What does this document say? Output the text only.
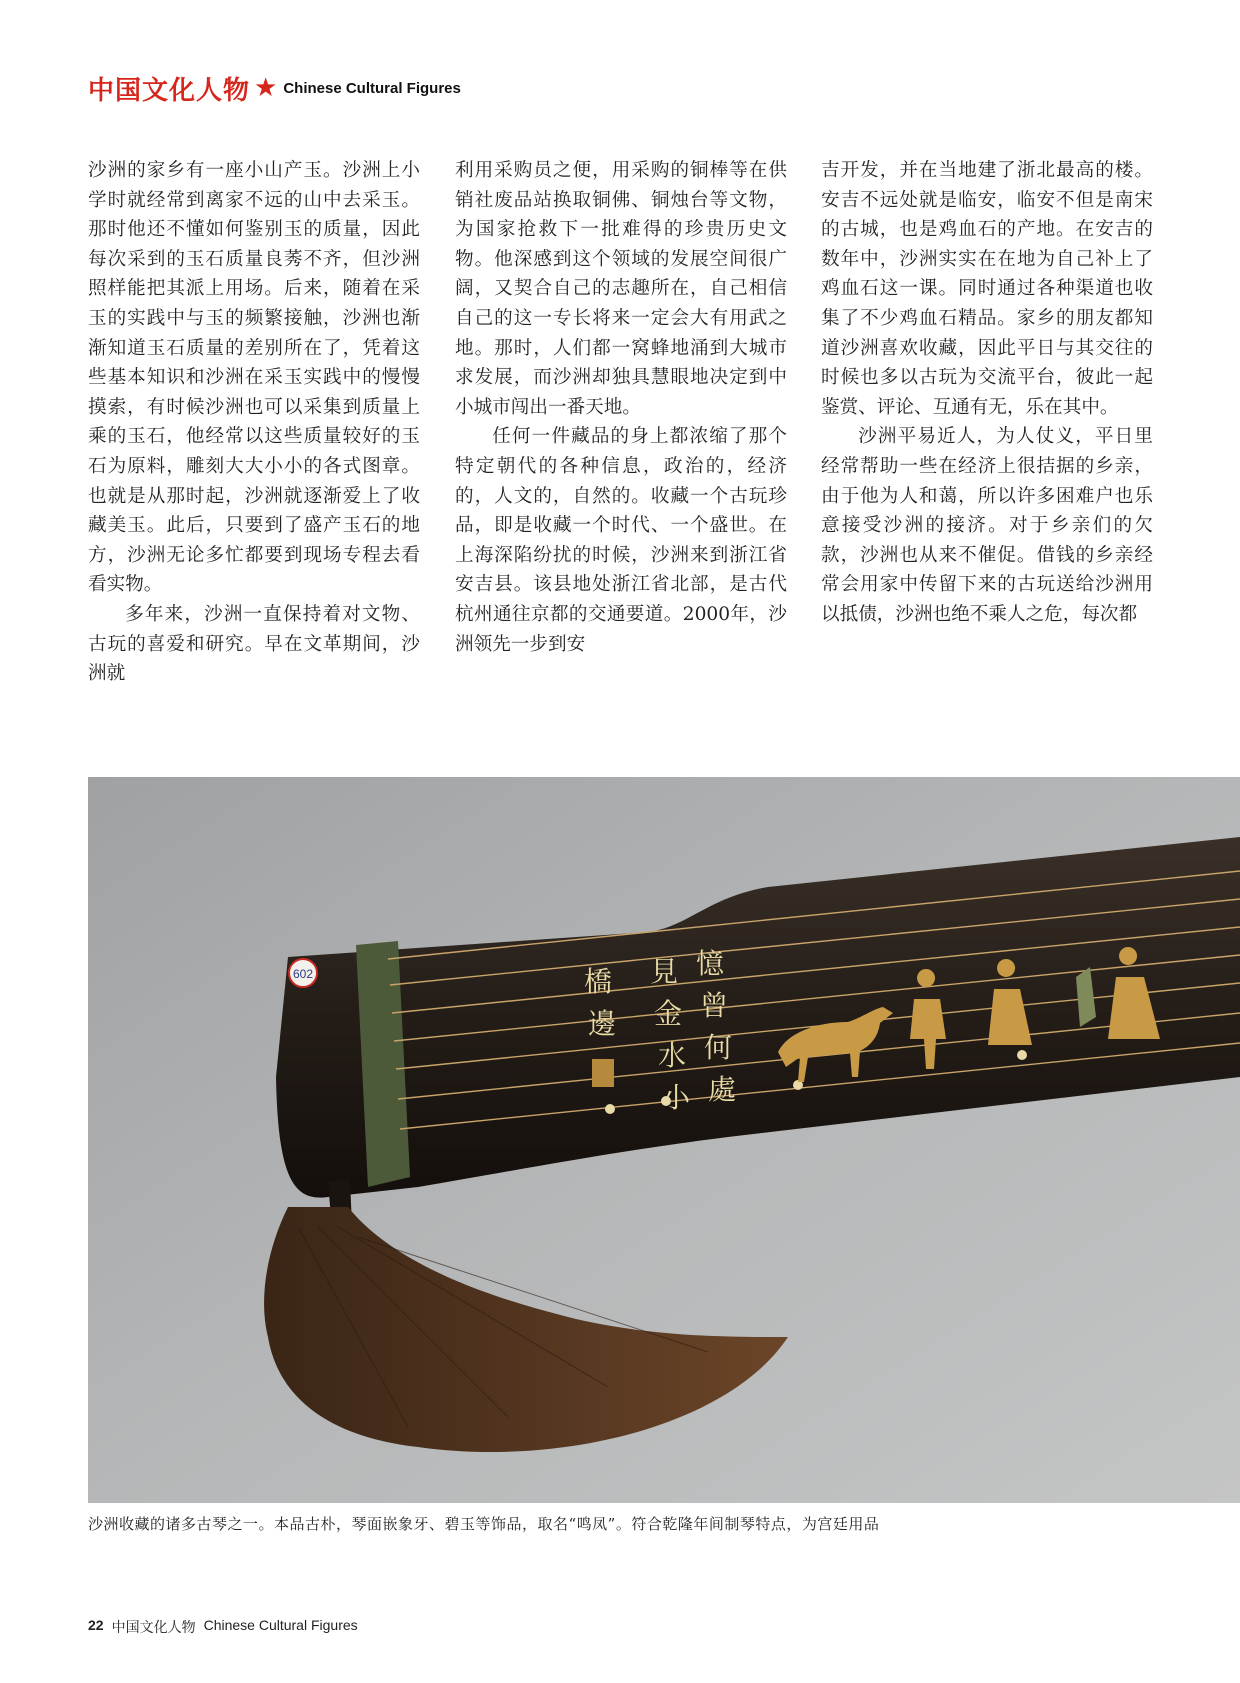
中国文化人物 ★ Chinese Cultural Figures

沙洲的家乡有一座小山产玉。沙洲上小学时就经常到离家不远的山中去采玉。那时他还不懂如何鉴别玉的质量，因此每次采到的玉石质量良莠不齐，但沙洲照样能把其派上用场。后来，随着在采玉的实践中与玉的频繁接触，沙洲也渐渐知道玉石质量的差别所在了，凭着这些基本知识和沙洲在采玉实践中的慢慢摸索，有时候沙洲也可以采集到质量上乘的玉石，他经常以这些质量较好的玉石为原料，雕刻大大小小的各式图章。也就是从那时起，沙洲就逐渐爱上了收藏美玉。此后，只要到了盛产玉石的地方，沙洲无论多忙都要到现场专程去看看实物。

多年来，沙洲一直保持着对文物、古玩的喜爱和研究。早在文革期间，沙洲就

利用采购员之便，用采购的铜棒等在供销社废品站换取铜佛、铜烛台等文物，为国家抢救下一批难得的珍贵历史文物。他深感到这个领域的发展空间很广阔，又契合自己的志趣所在，自己相信自己的这一专长将来一定会大有用武之地。那时，人们都一窝蜂地涌到大城市求发展，而沙洲却独具慧眼地决定到中小城市闯出一番天地。

任何一件藏品的身上都浓缩了那个特定朝代的各种信息，政治的，经济的，人文的，自然的。收藏一个古玩珍品，即是收藏一个时代、一个盛世。在上海深陷纷扰的时候，沙洲来到浙江省安吉县。该县地处浙江省北部，是古代杭州通往京都的交通要道。2000年，沙洲领先一步到安

吉开发，并在当地建了浙北最高的楼。安吉不远处就是临安，临安不但是南宋的古城，也是鸡血石的产地。在安吉的数年中，沙洲实实在在地为自己补上了鸡血石这一课。同时通过各种渠道也收集了不少鸡血石精品。家乡的朋友都知道沙洲喜欢收藏，因此平日与其交往的时候也多以古玩为交流平台，彼此一起鉴赏、评论、互通有无，乐在其中。

沙洲平易近人，为人仗义，平日里经常帮助一些在经济上很拮据的乡亲，由于他为人和蔼，所以许多困难户也乐意接受沙洲的接济。对于乡亲们的欠款，沙洲也从来不催促。借钱的乡亲经常会用家中传留下来的古玩送给沙洲用以抵债，沙洲也绝不乘人之危，每次都

602	憶
曾
何
處
見
金
水
小
橋
邊
沙洲收藏的诸多古琴之一。本品古朴，琴面嵌象牙、碧玉等饰品，取名“鸣凤”。符合乾隆年间制琴特点，为宫廷用品
22 中国文化人物 Chinese Cultural Figures
